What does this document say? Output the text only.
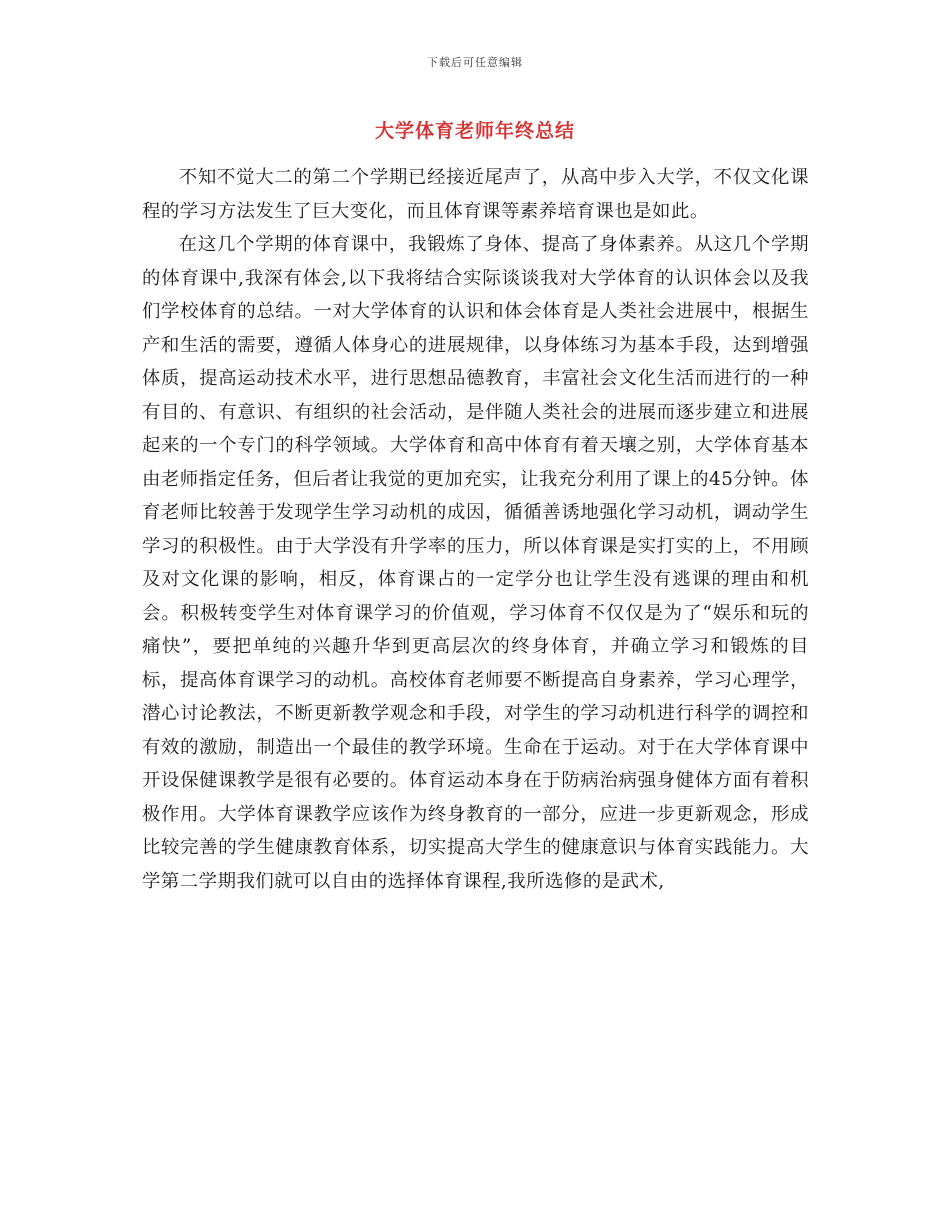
下载后可任意编辑
大学体育老师年终总结

不知不觉大二的第二个学期已经接近尾声了，从高中步入大学，不仅文化课程的学习方法发生了巨大变化，而且体育课等素养培育课也是如此。

在这几个学期的体育课中，我锻炼了身体、提高了身体素养。从这几个学期的体育课中,我深有体会,以下我将结合实际谈谈我对大学体育的认识体会以及我们学校体育的总结。一对大学体育的认识和体会体育是人类社会进展中，根据生产和生活的需要，遵循人体身心的进展规律，以身体练习为基本手段，达到增强体质，提高运动技术水平，进行思想品德教育，丰富社会文化生活而进行的一种有目的、有意识、有组织的社会活动，是伴随人类社会的进展而逐步建立和进展起来的一个专门的科学领域。大学体育和高中体育有着天壤之别，大学体育基本由老师指定任务，但后者让我觉的更加充实，让我充分利用了课上的45分钟。体育老师比较善于发现学生学习动机的成因，循循善诱地强化学习动机，调动学生学习的积极性。由于大学没有升学率的压力，所以体育课是实打实的上，不用顾及对文化课的影响，相反，体育课占的一定学分也让学生没有逃课的理由和机会。积极转变学生对体育课学习的价值观，学习体育不仅仅是为了“娱乐和玩的痛快”，要把单纯的兴趣升华到更高层次的终身体育，并确立学习和锻炼的目标，提高体育课学习的动机。高校体育老师要不断提高自身素养，学习心理学，潜心讨论教法，不断更新教学观念和手段，对学生的学习动机进行科学的调控和有效的激励，制造出一个最佳的教学环境。生命在于运动。对于在大学体育课中开设保健课教学是很有必要的。体育运动本身在于防病治病强身健体方面有着积极作用。大学体育课教学应该作为终身教育的一部分，应进一步更新观念，形成比较完善的学生健康教育体系，切实提高大学生的健康意识与体育实践能力。大学第二学期我们就可以自由的选择体育课程,我所选修的是武术,
